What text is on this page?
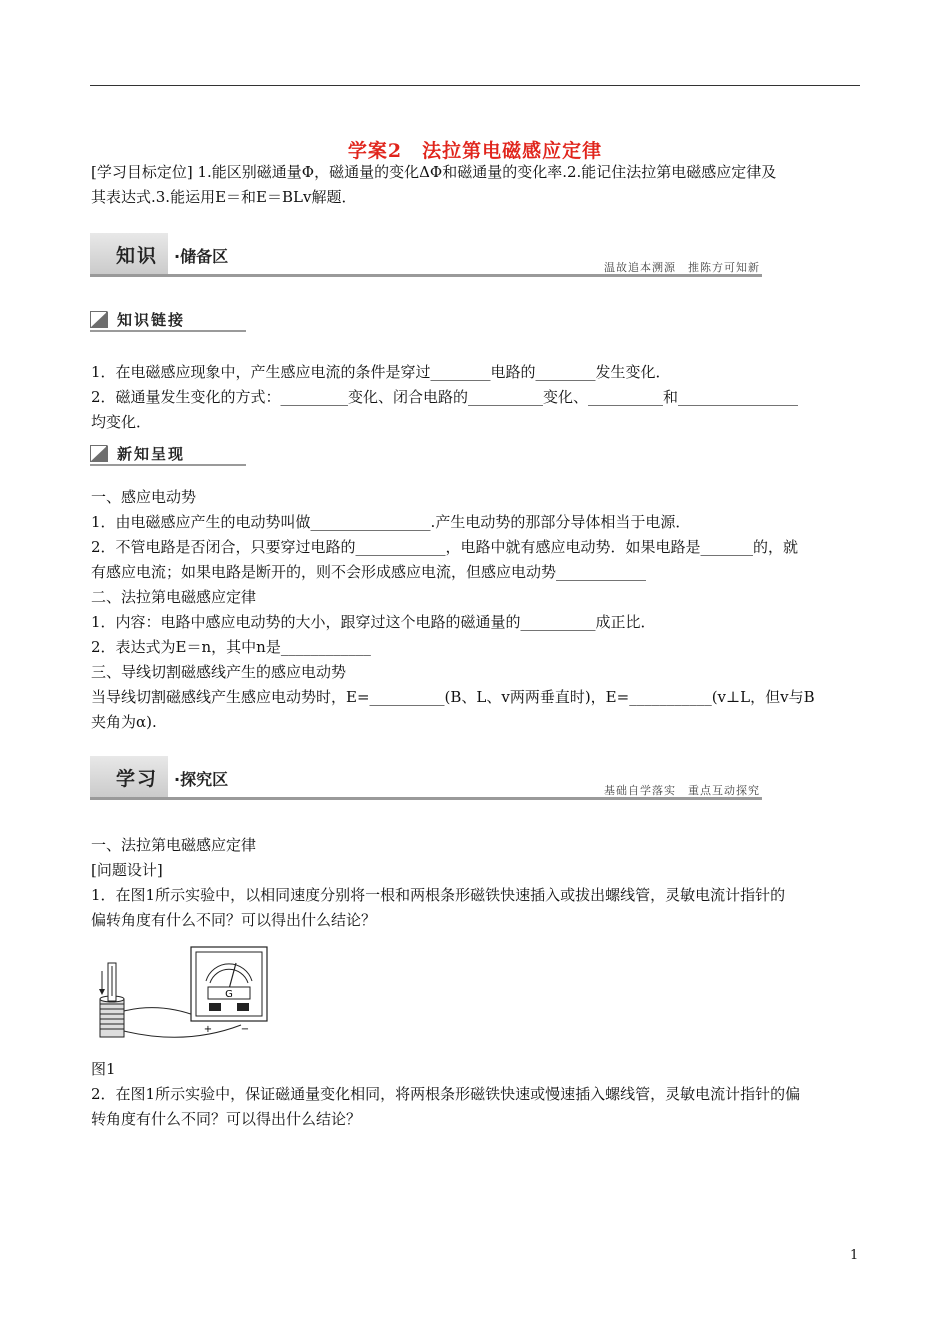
学案2　法拉第电磁感应定律
[学习目标定位] 1.能区别磁通量Φ，磁通量的变化ΔΦ和磁通量的变化率.2.能记住法拉第电磁感应定律及
其表达式.3.能运用E＝和E＝BLv解题．
知识 ·储备区
温故追本溯源　推陈方可知新
知识链接
1．在电磁感应现象中，产生感应电流的条件是穿过________电路的________发生变化．
2．磁通量发生变化的方式：_________变化、闭合电路的__________变化、__________和________________
均变化．
新知呈现
一、感应电动势
1．由电磁感应产生的电动势叫做________________.产生电动势的那部分导体相当于电源．
2．不管电路是否闭合，只要穿过电路的____________，电路中就有感应电动势．如果电路是_______的，就
有感应电流；如果电路是断开的，则不会形成感应电流，但感应电动势____________
二、法拉第电磁感应定律
1．内容：电路中感应电动势的大小，跟穿过这个电路的磁通量的__________成正比．
2．表达式为E＝n，其中n是____________
三、导线切割磁感线产生的感应电动势
当导线切割磁感线产生感应电动势时，E=__________(B、L、v两两垂直时)，E=___________(v⊥L，但v与B
夹角为α).
学习 ·探究区
基础自学落实　重点互动探究
一、法拉第电磁感应定律
[问题设计]
1．在图1所示实验中，以相同速度分别将一根和两根条形磁铁快速插入或拔出螺线管，灵敏电流计指针的
偏转角度有什么不同？可以得出什么结论？
G
+	−
图1
2．在图1所示实验中，保证磁通量变化相同，将两根条形磁铁快速或慢速插入螺线管，灵敏电流计指针的偏
转角度有什么不同？可以得出什么结论？
1
